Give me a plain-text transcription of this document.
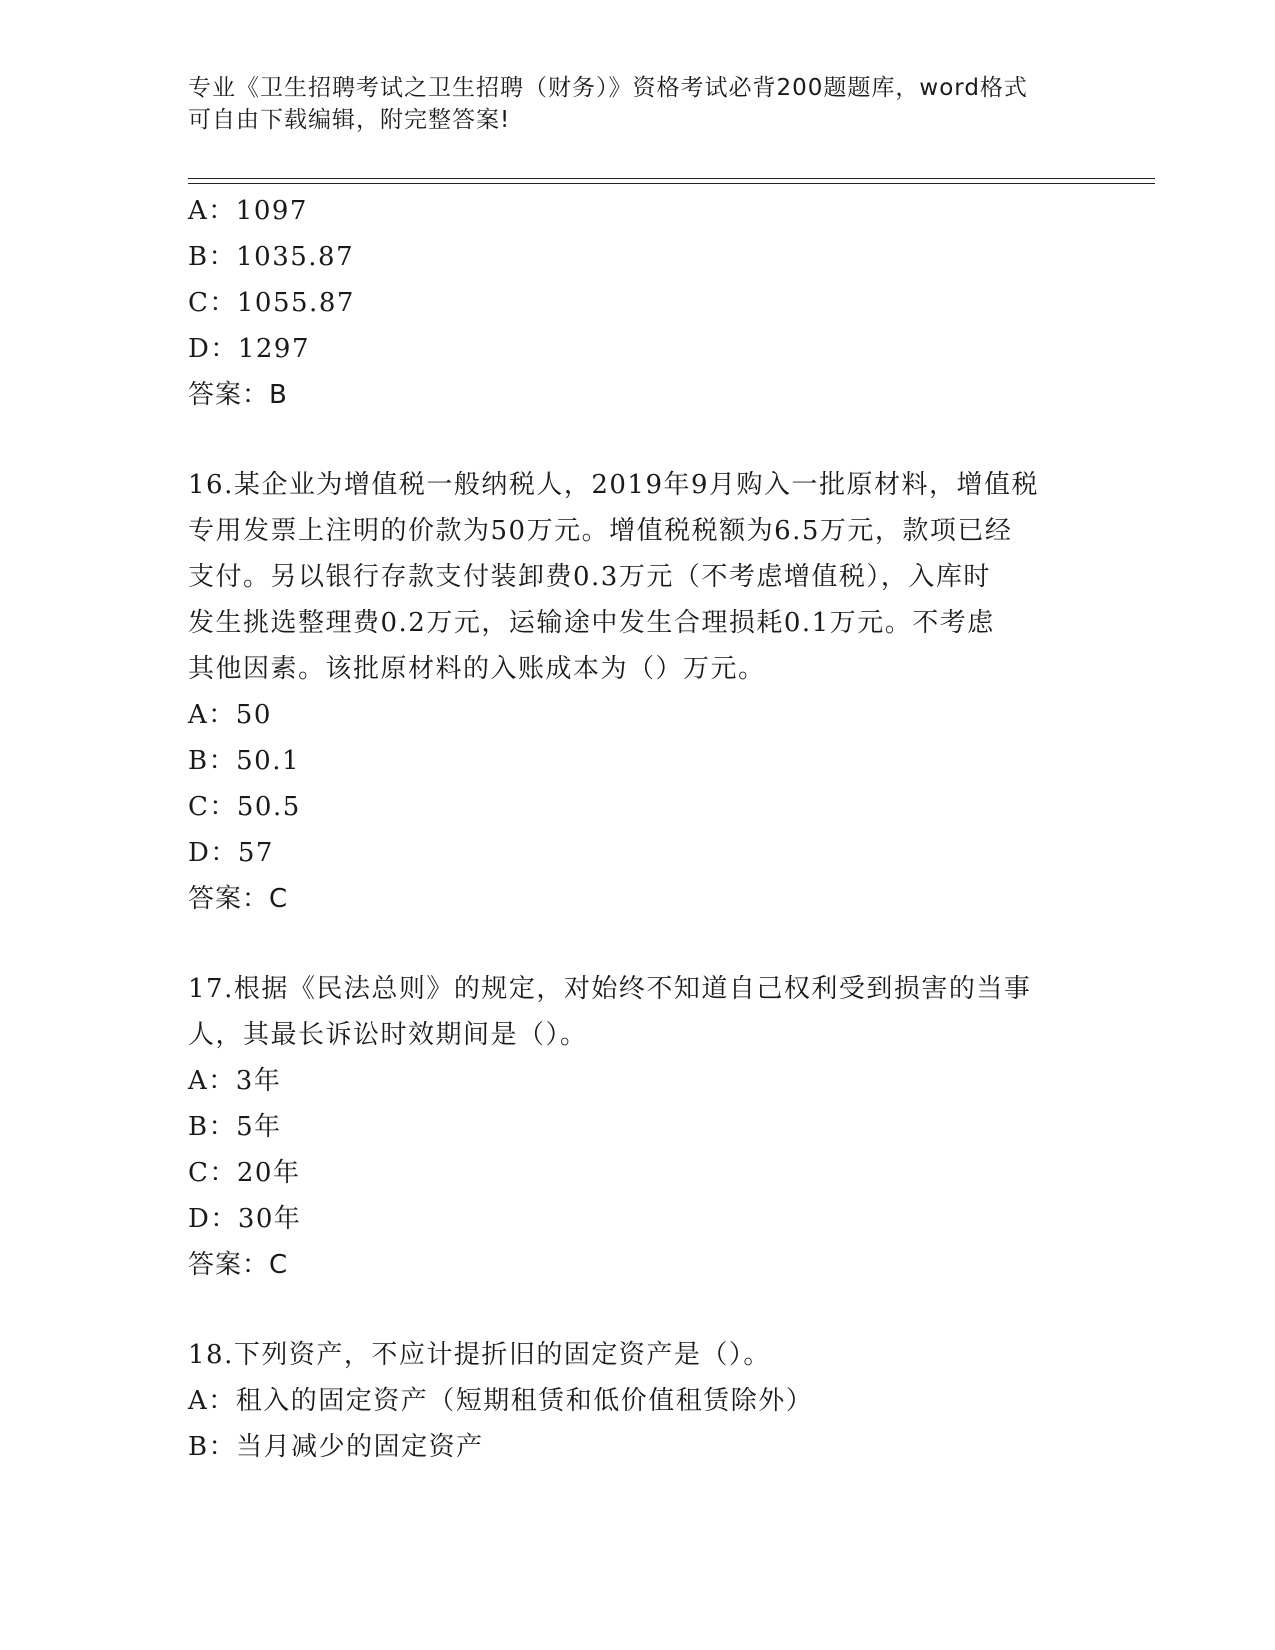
专业《卫生招聘考试之卫生招聘（财务）》资格考试必背200题题库，word格式
可自由下载编辑，附完整答案!
A：1097
B：1035.87
C：1055.87
D：1297
答案：B
16.某企业为增值税一般纳税人，2019年9月购入一批原材料，增值税
专用发票上注明的价款为50万元。增值税税额为6.5万元，款项已经
支付。另以银行存款支付装卸费0.3万元（不考虑增值税），入库时
发生挑选整理费0.2万元，运输途中发生合理损耗0.1万元。不考虑
其他因素。该批原材料的入账成本为（）万元。
A：50
B：50.1
C：50.5
D：57
答案：C
17.根据《民法总则》的规定，对始终不知道自己权利受到损害的当事
人，其最长诉讼时效期间是（）。
A：3年
B：5年
C：20年
D：30年
答案：C
18.下列资产，不应计提折旧的固定资产是（）。
A：租入的固定资产（短期租赁和低价值租赁除外）
B：当月减少的固定资产
